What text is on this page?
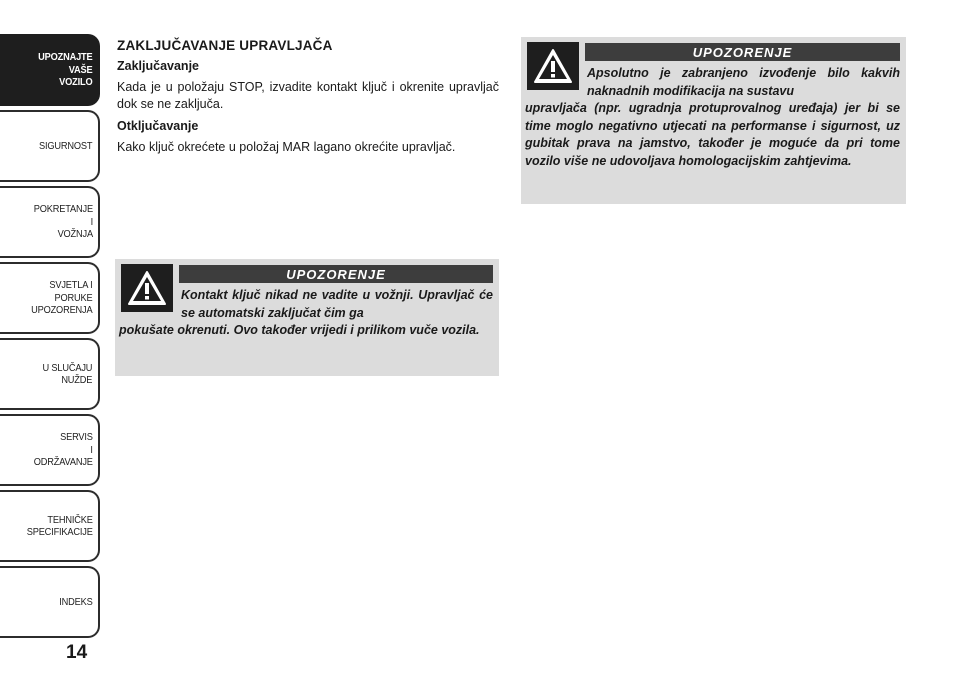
UPOZNAJTE
VAŠE
VOZILO
SIGURNOST
POKRETANJE
I
VOŽNJA
SVJETLA I
PORUKE
UPOZORENJA
U SLUČAJU
NUŽDE
SERVIS
I
ODRŽAVANJE
TEHNIČKE
SPECIFIKACIJE
INDEKS
14
ZAKLJUČAVANJE UPRAVLJAČA
Zaključavanje
Kada je u položaju STOP, izvadite kontakt ključ i okrenite upravljač dok se ne zaključa.
Otključavanje
Kako ključ okrećete u položaj MAR lagano okrećite upravljač.
UPOZORENJE
Kontakt ključ nikad ne vadite u vožnji. Upravljač će se automatski zaključat čim ga
pokušate okrenuti. Ovo također vrijedi i prilikom vuče vozila.
UPOZORENJE
Apsolutno je zabranjeno izvođenje bilo kakvih naknadnih modifikacija na sustavu
upravljača (npr. ugradnja protuprovalnog uređaja) jer bi se time moglo negativno utjecati na performanse i sigurnost, uz gubitak prava na jamstvo, također je moguće da pri tome vozilo više ne udovoljava homologacijskim zahtjevima.
